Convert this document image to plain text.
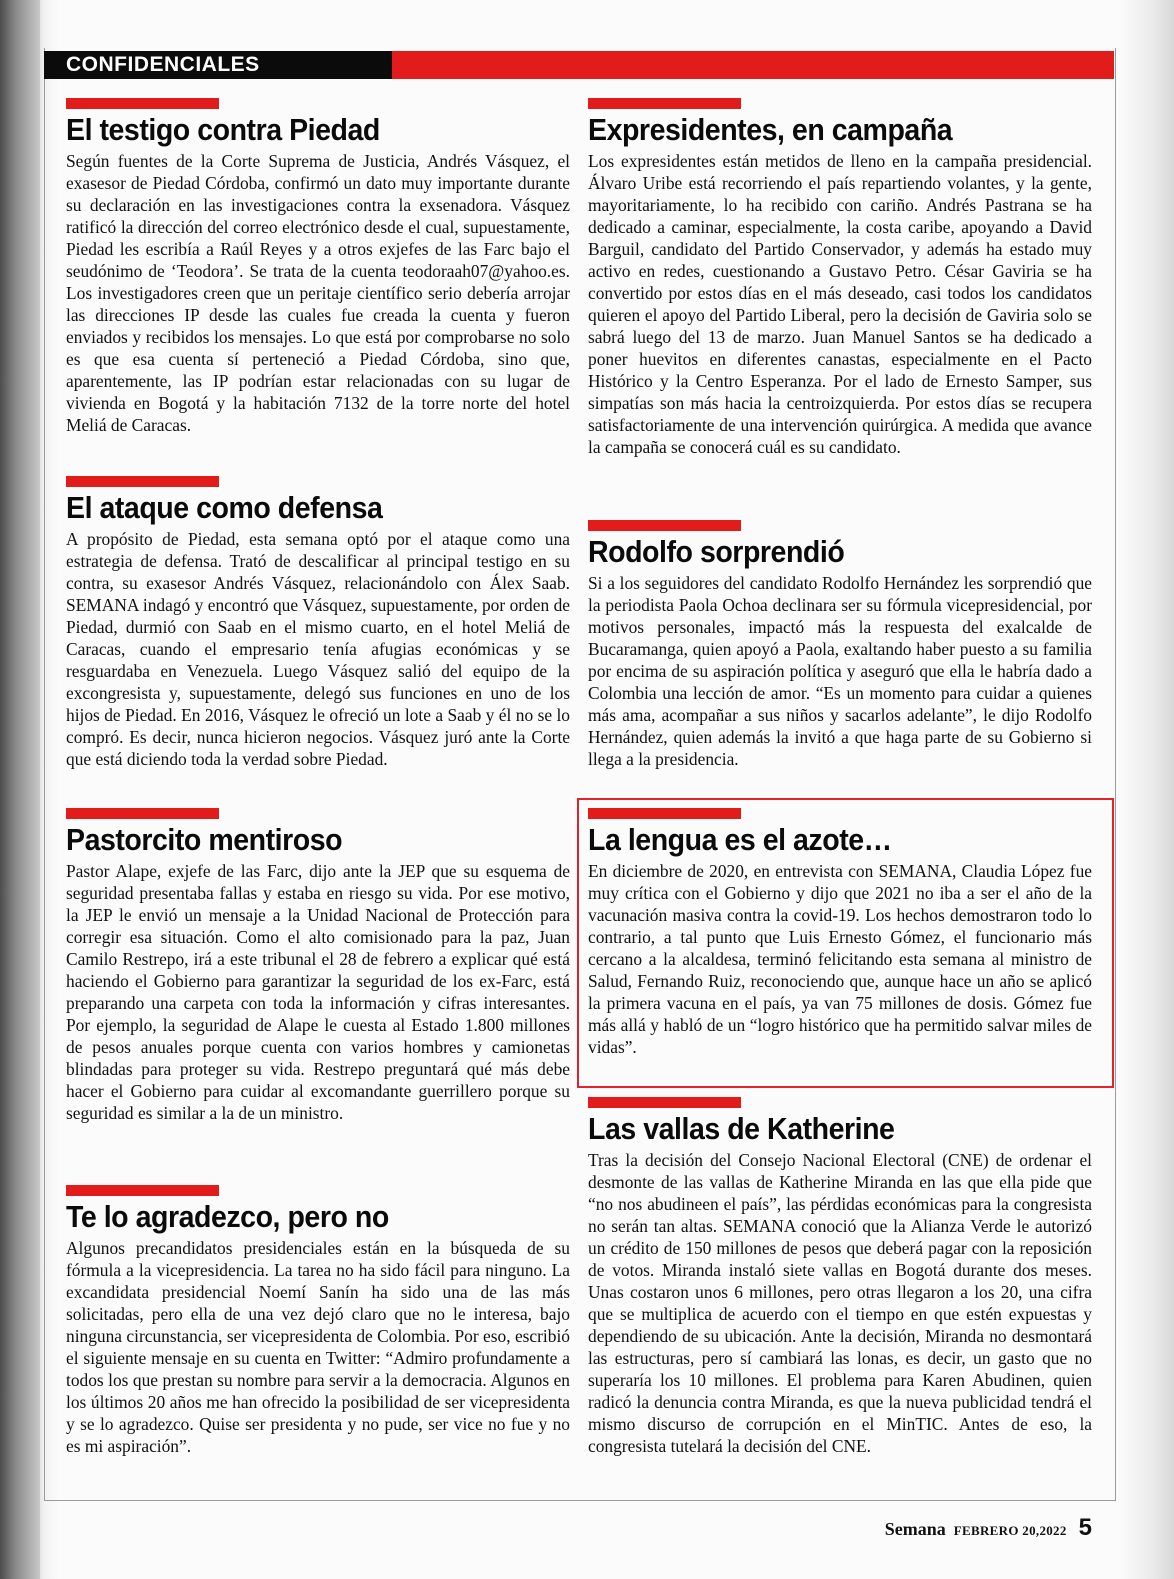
CONFIDENCIALES
El testigo contra Piedad

Según fuentes de la Corte Suprema de Justicia, Andrés Vásquez, el exasesor de Piedad Córdoba, confirmó un dato muy importante durante su declaración en las investigaciones contra la exsenadora. Vásquez ratificó la dirección del correo electrónico desde el cual, supuestamente, Piedad les escribía a Raúl Reyes y a otros exjefes de las Farc bajo el seudónimo de ‘Teodora’. Se trata de la cuenta teodoraah07@yahoo.es. Los investigadores creen que un peritaje científico serio debería arrojar las direcciones IP desde las cuales fue creada la cuenta y fueron enviados y recibidos los mensajes. Lo que está por comprobarse no solo es que esa cuenta sí perteneció a Piedad Córdoba, sino que, aparentemente, las IP podrían estar relacionadas con su lugar de vivienda en Bogotá y la habitación 7132 de la torre norte del hotel Meliá de Caracas.

El ataque como defensa

A propósito de Piedad, esta semana optó por el ataque como una estrategia de defensa. Trató de descalificar al principal testigo en su contra, su exasesor Andrés Vásquez, relacionándolo con Álex Saab. SEMANA indagó y encontró que Vásquez, supuestamente, por orden de Piedad, durmió con Saab en el mismo cuarto, en el hotel Meliá de Caracas, cuando el empresario tenía afugias económicas y se resguardaba en Venezuela. Luego Vásquez salió del equipo de la excongresista y, supuestamente, delegó sus funciones en uno de los hijos de Piedad. En 2016, Vásquez le ofreció un lote a Saab y él no se lo compró. Es decir, nunca hicieron negocios. Vásquez juró ante la Corte que está diciendo toda la verdad sobre Piedad.

Pastorcito mentiroso

Pastor Alape, exjefe de las Farc, dijo ante la JEP que su esquema de seguridad presentaba fallas y estaba en riesgo su vida. Por ese motivo, la JEP le envió un mensaje a la Unidad Nacional de Protección para corregir esa situación. Como el alto comisionado para la paz, Juan Camilo Restrepo, irá a este tribunal el 28 de febrero a explicar qué está haciendo el Gobierno para garantizar la seguridad de los ex-Farc, está preparando una carpeta con toda la información y cifras interesantes. Por ejemplo, la seguridad de Alape le cuesta al Estado 1.800 millones de pesos anuales porque cuenta con varios hombres y camionetas blindadas para proteger su vida. Restrepo preguntará qué más debe hacer el Gobierno para cuidar al excomandante guerrillero porque su seguridad es similar a la de un ministro.

Te lo agradezco, pero no

Algunos precandidatos presidenciales están en la búsqueda de su fórmula a la vicepresidencia. La tarea no ha sido fácil para ninguno. La excandidata presidencial Noemí Sanín ha sido una de las más solicitadas, pero ella de una vez dejó claro que no le interesa, bajo ninguna circunstancia, ser vicepresidenta de Colombia. Por eso, escribió el siguiente mensaje en su cuenta en Twitter: “Admiro profundamente a todos los que prestan su nombre para servir a la democracia. Algunos en los últimos 20 años me han ofrecido la posibilidad de ser vicepresidenta y se lo agradezco. Quise ser presidenta y no pude, ser vice no fue y no es mi aspiración”.

Expresidentes, en campaña

Los expresidentes están metidos de lleno en la campaña presidencial. Álvaro Uribe está recorriendo el país repartiendo volantes, y la gente, mayoritariamente, lo ha recibido con cariño. Andrés Pastrana se ha dedicado a caminar, especialmente, la costa caribe, apoyando a David Barguil, candidato del Partido Conservador, y además ha estado muy activo en redes, cuestionando a Gustavo Petro. César Gaviria se ha convertido por estos días en el más deseado, casi todos los candidatos quieren el apoyo del Partido Liberal, pero la decisión de Gaviria solo se sabrá luego del 13 de marzo. Juan Manuel Santos se ha dedicado a poner huevitos en diferentes canastas, especialmente en el Pacto Histórico y la Centro Esperanza. Por el lado de Ernesto Samper, sus simpatías son más hacia la centroizquierda. Por estos días se recupera satisfactoriamente de una intervención quirúrgica. A medida que avance la campaña se conocerá cuál es su candidato.

Rodolfo sorprendió

Si a los seguidores del candidato Rodolfo Hernández les sorprendió que la periodista Paola Ochoa declinara ser su fórmula vicepresidencial, por motivos personales, impactó más la respuesta del exalcalde de Bucaramanga, quien apoyó a Paola, exaltando haber puesto a su familia por encima de su aspiración política y aseguró que ella le habría dado a Colombia una lección de amor. “Es un momento para cuidar a quienes más ama, acompañar a sus niños y sacarlos adelante”, le dijo Rodolfo Hernández, quien además la invitó a que haga parte de su Gobierno si llega a la presidencia.

La lengua es el azote…

En diciembre de 2020, en entrevista con SEMANA, Claudia López fue muy crítica con el Gobierno y dijo que 2021 no iba a ser el año de la vacunación masiva contra la covid-19. Los hechos demostraron todo lo contrario, a tal punto que Luis Ernesto Gómez, el funcionario más cercano a la alcaldesa, terminó felicitando esta semana al ministro de Salud, Fernando Ruiz, reconociendo que, aunque hace un año se aplicó la primera vacuna en el país, ya van 75 millones de dosis. Gómez fue más allá y habló de un “logro histórico que ha permitido salvar miles de vidas”.

Las vallas de Katherine

Tras la decisión del Consejo Nacional Electoral (CNE) de ordenar el desmonte de las vallas de Katherine Miranda en las que ella pide que “no nos abudineen el país”, las pérdidas económicas para la congresista no serán tan altas. SEMANA conoció que la Alianza Verde le autorizó un crédito de 150 millones de pesos que deberá pagar con la reposición de votos. Miranda instaló siete vallas en Bogotá durante dos meses. Unas costaron unos 6 millones, pero otras llegaron a los 20, una cifra que se multiplica de acuerdo con el tiempo en que estén expuestas y dependiendo de su ubicación. Ante la decisión, Miranda no desmontará las estructuras, pero sí cambiará las lonas, es decir, un gasto que no superaría los 10 millones. El problema para Karen Abudinen, quien radicó la denuncia contra Miranda, es que la nueva publicidad tendrá el mismo discurso de corrupción en el MinTIC. Antes de eso, la congresista tutelará la decisión del CNE.

Semana FEBRERO 20,2022 5
